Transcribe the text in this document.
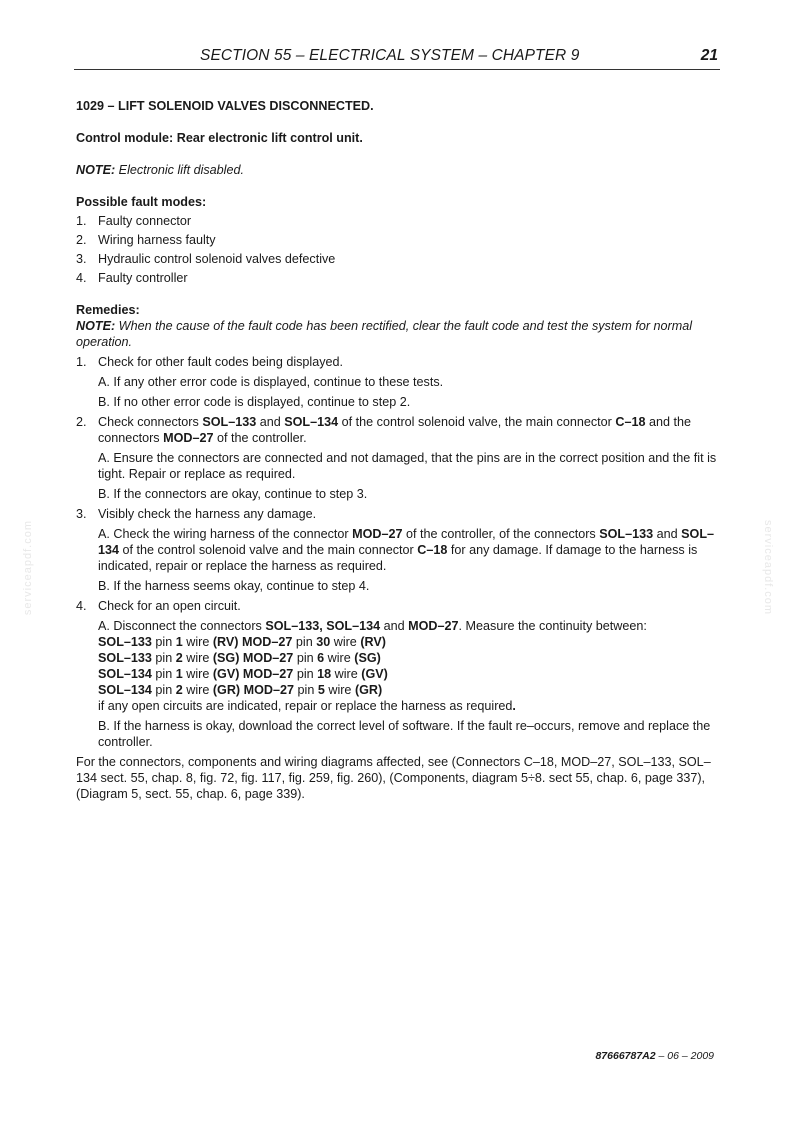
SECTION 55 – ELECTRICAL SYSTEM – CHAPTER 9	21
serviceapdf.com	serviceapdf.com

1029 – LIFT SOLENOID VALVES DISCONNECTED.

Control module: Rear electronic lift control unit.

NOTE: Electronic lift disabled.

Possible fault modes:

1. Faulty connector
2. Wiring harness faulty
3. Hydraulic control solenoid valves defective
4. Faulty controller

Remedies:

NOTE: When the cause of the fault code has been rectified, clear the fault code and test the system for normal operation.

1. Check for other fault codes being displayed.

A. If any other error code is displayed, continue to these tests.

B. If no other error code is displayed, continue to step 2.

2. Check connectors SOL–133 and SOL–134 of the control solenoid valve, the main connector C–18 and the connectors MOD–27 of the controller.

A. Ensure the connectors are connected and not damaged, that the pins are in the correct position and the fit is tight. Repair or replace as required.

B. If the connectors are okay, continue to step 3.

3. Visibly check the harness any damage.

A. Check the wiring harness of the connector MOD–27 of the controller, of the connectors SOL–133 and SOL–134 of the control solenoid valve and the main connector C–18 for any damage. If damage to the harness is indicated, repair or replace the harness as required.

B. If the harness seems okay, continue to step 4.

4. Check for an open circuit.

A. Disconnect the connectors SOL–133, SOL–134 and MOD–27. Measure the continuity between:

SOL–133 pin 1 wire (RV) MOD–27 pin 30 wire (RV)

SOL–133 pin 2 wire (SG) MOD–27 pin 6 wire (SG)

SOL–134 pin 1 wire (GV) MOD–27 pin 18 wire (GV)

SOL–134 pin 2 wire (GR) MOD–27 pin 5 wire (GR)

if any open circuits are indicated, repair or replace the harness as required.

B. If the harness is okay, download the correct level of software. If the fault re–occurs, remove and replace the controller.

For the connectors, components and wiring diagrams affected, see (Connectors C–18, MOD–27, SOL–133, SOL–134 sect. 55, chap. 8, fig. 72, fig. 117, fig. 259, fig. 260), (Components, diagram 5÷8. sect 55, chap. 6, page 337), (Diagram 5, sect. 55, chap. 6, page 339).

87666787A2 – 06 – 2009
